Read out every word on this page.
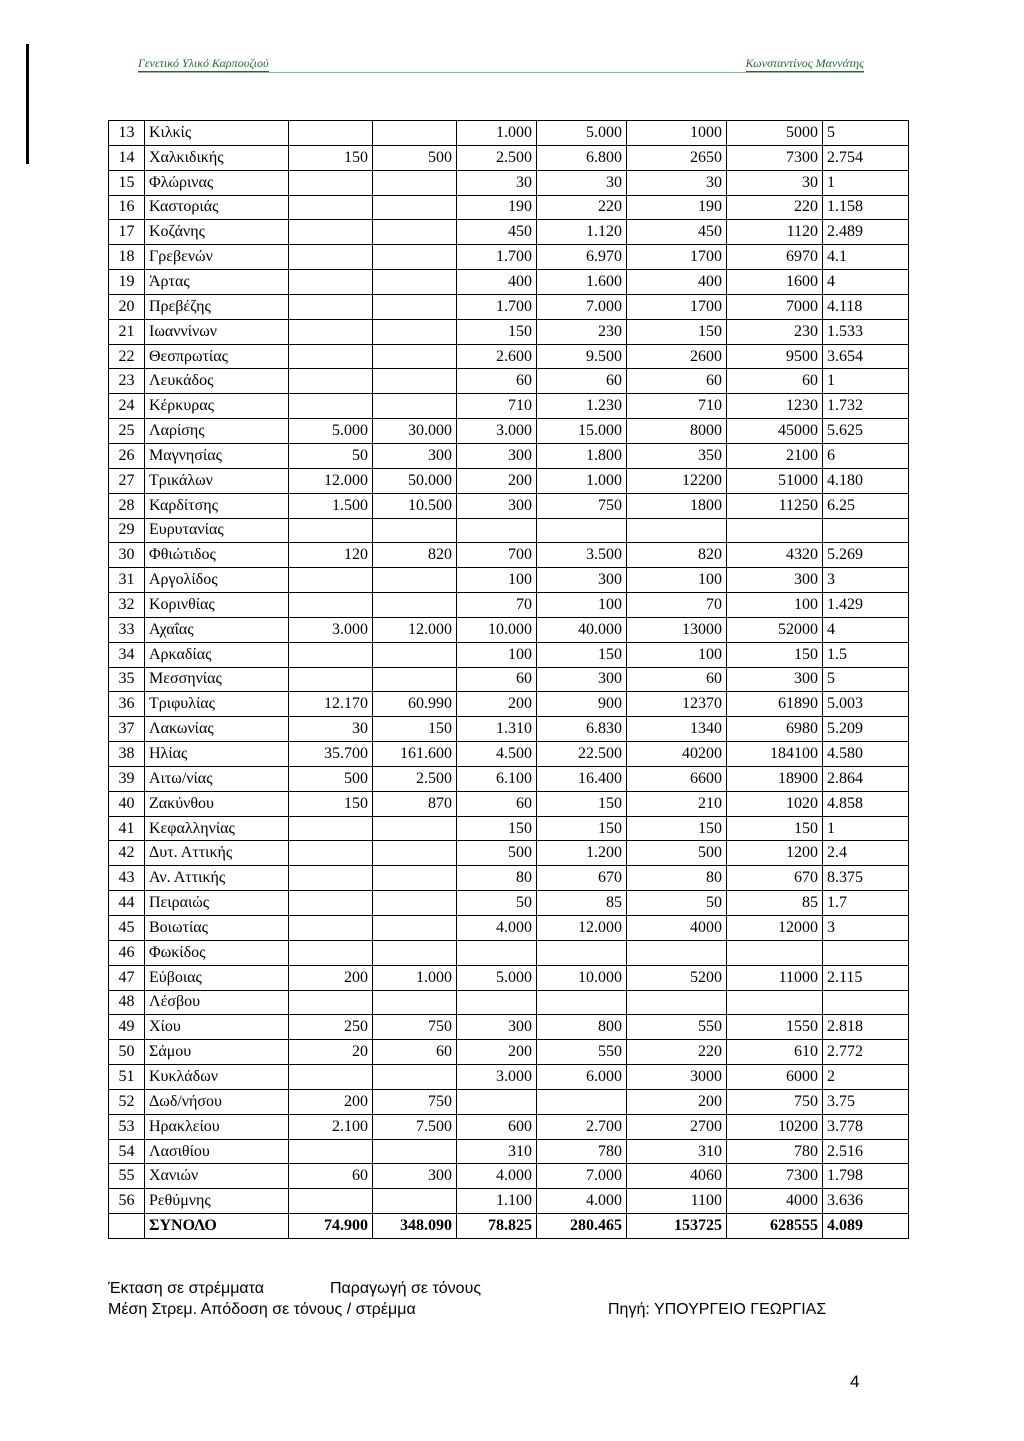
Γενετικό Υλικό Καρπουζιού	Κωνσταντίνος Μαννάτης
13	Κιλκίς			1.000	5.000	1000	5000	5
14	Χαλκιδικής	150	500	2.500	6.800	2650	7300	2.754
15	Φλώρινας			30	30	30	30	1
16	Καστοριάς			190	220	190	220	1.158
17	Κοζάνης			450	1.120	450	1120	2.489
18	Γρεβενών			1.700	6.970	1700	6970	4.1
19	Άρτας			400	1.600	400	1600	4
20	Πρεβέζης			1.700	7.000	1700	7000	4.118
21	Ιωαννίνων			150	230	150	230	1.533
22	Θεσπρωτίας			2.600	9.500	2600	9500	3.654
23	Λευκάδος			60	60	60	60	1
24	Κέρκυρας			710	1.230	710	1230	1.732
25	Λαρίσης	5.000	30.000	3.000	15.000	8000	45000	5.625
26	Μαγνησίας	50	300	300	1.800	350	2100	6
27	Τρικάλων	12.000	50.000	200	1.000	12200	51000	4.180
28	Καρδίτσης	1.500	10.500	300	750	1800	11250	6.25
29	Ευρυτανίας							
30	Φθιώτιδος	120	820	700	3.500	820	4320	5.269
31	Αργολίδος			100	300	100	300	3
32	Κορινθίας			70	100	70	100	1.429
33	Αχαΐας	3.000	12.000	10.000	40.000	13000	52000	4
34	Αρκαδίας			100	150	100	150	1.5
35	Μεσσηνίας			60	300	60	300	5
36	Τριφυλίας	12.170	60.990	200	900	12370	61890	5.003
37	Λακωνίας	30	150	1.310	6.830	1340	6980	5.209
38	Ηλίας	35.700	161.600	4.500	22.500	40200	184100	4.580
39	Αιτω/νίας	500	2.500	6.100	16.400	6600	18900	2.864
40	Ζακύνθου	150	870	60	150	210	1020	4.858
41	Κεφαλληνίας			150	150	150	150	1
42	Δυτ. Αττικής			500	1.200	500	1200	2.4
43	Αν. Αττικής			80	670	80	670	8.375
44	Πειραιώς			50	85	50	85	1.7
45	Βοιωτίας			4.000	12.000	4000	12000	3
46	Φωκίδος							
47	Εύβοιας	200	1.000	5.000	10.000	5200	11000	2.115
48	Λέσβου							
49	Χίου	250	750	300	800	550	1550	2.818
50	Σάμου	20	60	200	550	220	610	2.772
51	Κυκλάδων			3.000	6.000	3000	6000	2
52	Δωδ/νήσου	200	750			200	750	3.75
53	Ηρακλείου	2.100	7.500	600	2.700	2700	10200	3.778
54	Λασιθίου			310	780	310	780	2.516
55	Χανιών	60	300	4.000	7.000	4060	7300	1.798
56	Ρεθύμνης			1.100	4.000	1100	4000	3.636
	ΣΥΝΟΛΟ	74.900	348.090	78.825	280.465	153725	628555	4.089
Έκταση σε στρέμματα	Παραγωγή σε τόνους
Μέση Στρεμ. Απόδοση σε τόνους / στρέμμα	Πηγή: ΥΠΟΥΡΓΕΙΟ ΓΕΩΡΓΙΑΣ
4
